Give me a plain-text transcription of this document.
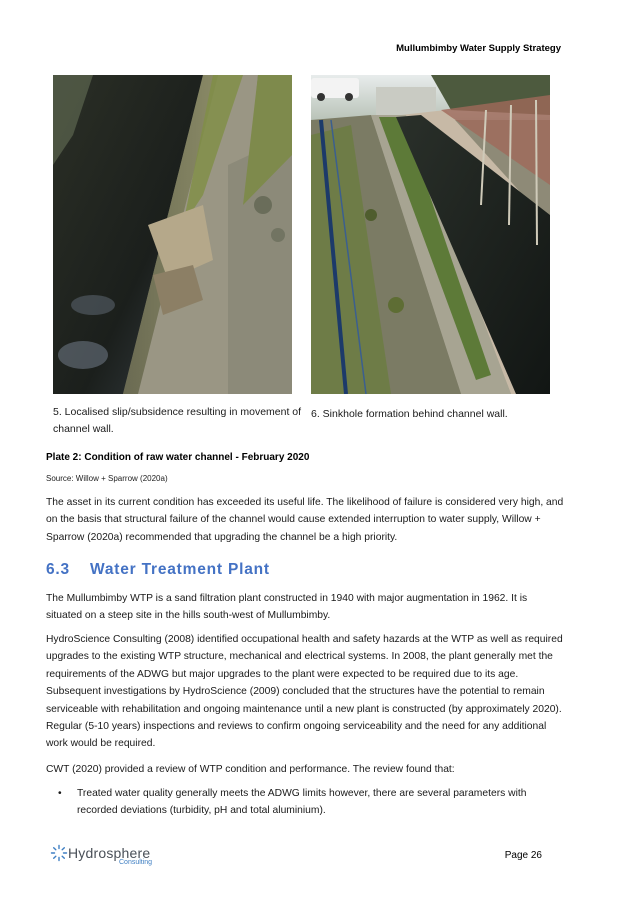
Mullumbimby Water Supply Strategy
5. Localised slip/subsidence resulting in movement of channel wall.
6. Sinkhole formation behind channel wall.
Plate 2: Condition of raw water channel - February 2020
Source: Willow + Sparrow (2020a)

The asset in its current condition has exceeded its useful life. The likelihood of failure is considered very high, and on the basis that structural failure of the channel would cause extended interruption to water supply, Willow + Sparrow (2020a) recommended that upgrading the channel be a high priority.

6.3 Water Treatment Plant

The Mullumbimby WTP is a sand filtration plant constructed in 1940 with major augmentation in 1962. It is situated on a steep site in the hills south-west of Mullumbimby.

HydroScience Consulting (2008) identified occupational health and safety hazards at the WTP as well as required upgrades to the existing WTP structure, mechanical and electrical systems. In 2008, the plant generally met the requirements of the ADWG but major upgrades to the plant were expected to be required due to its age. Subsequent investigations by HydroScience (2009) concluded that the structures have the potential to remain serviceable with rehabilitation and ongoing maintenance until a new plant is constructed (by approximately 2020). Regular (5-10 years) inspections and reviews to confirm ongoing serviceability and the need for any additional work would be required.

CWT (2020) provided a review of WTP condition and performance. The review found that:

• Treated water quality generally meets the ADWG limits however, there are several parameters with recorded deviations (turbidity, pH and total aluminium).
Hydrosphere
Consulting
Page 26
